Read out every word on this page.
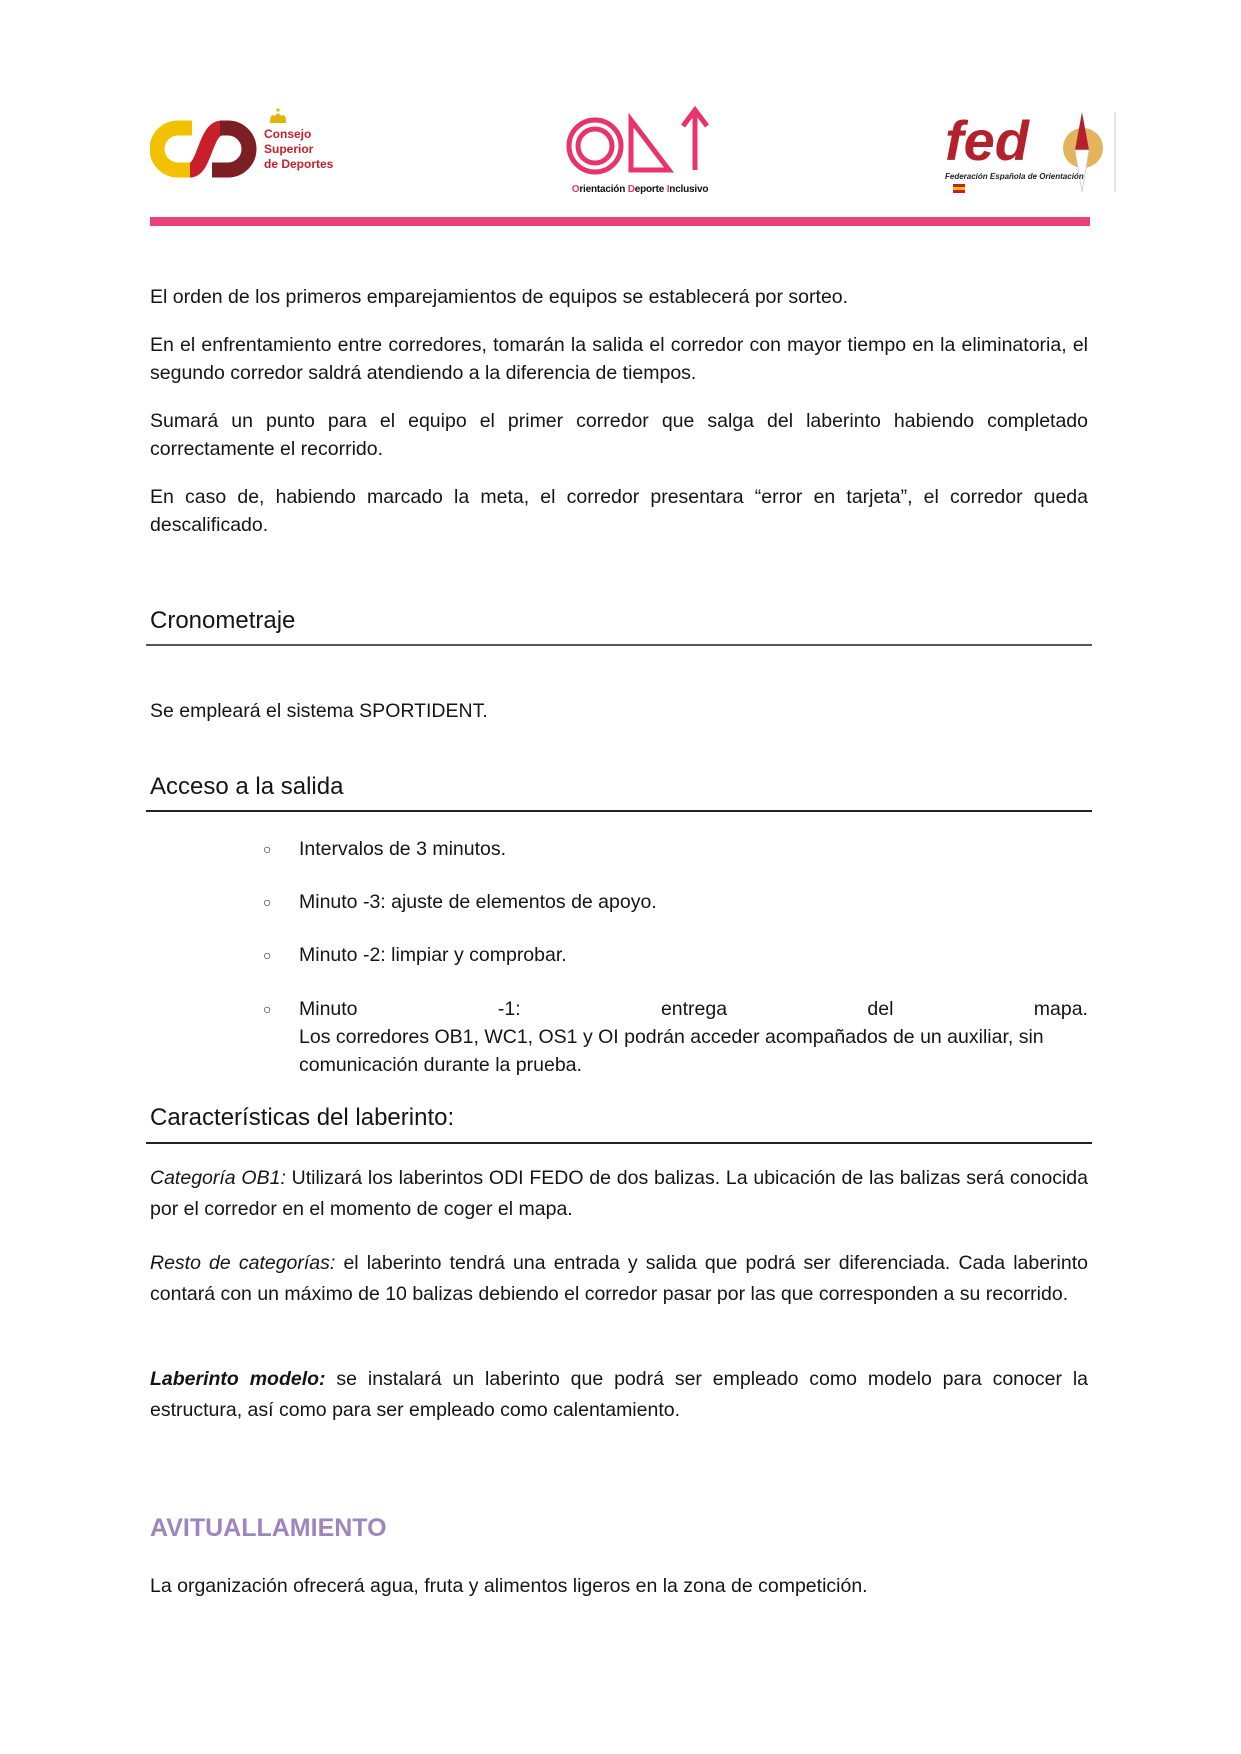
Consejo
Superior
de Deportes
Orientación Deporte Inclusivo
fed
Federación Española de Orientación

El orden de los primeros emparejamientos de equipos se establecerá por sorteo.

En el enfrentamiento entre corredores, tomarán la salida el corredor con mayor tiempo en la eliminatoria, el segundo corredor saldrá atendiendo a la diferencia de tiempos.

Sumará un punto para el equipo el primer corredor que salga del laberinto habiendo completado correctamente el recorrido.

En caso de, habiendo marcado la meta, el corredor presentara “error en tarjeta”, el corredor queda descalificado.

Cronometraje

Se empleará el sistema SPORTIDENT.

Acceso a la salida
○ Intervalos de 3 minutos.

○ Minuto -3: ajuste de elementos de apoyo.

○ Minuto -2: limpiar y comprobar.

○ Minuto	-1:	entrega	del	mapa.
Los corredores OB1, WC1, OS1 y OI podrán acceder acompañados de un auxiliar, sin comunicación durante la prueba.
Características del laberinto:

Categoría OB1: Utilizará los laberintos ODI FEDO de dos balizas. La ubicación de las balizas será conocida por el corredor en el momento de coger el mapa.

Resto de categorías: el laberinto tendrá una entrada y salida que podrá ser diferenciada. Cada laberinto contará con un máximo de 10 balizas debiendo el corredor pasar por las que corresponden a su recorrido.

Laberinto modelo: se instalará un laberinto que podrá ser empleado como modelo para conocer la estructura, así como para ser empleado como calentamiento.

AVITUALLAMIENTO

La organización ofrecerá agua, fruta y alimentos ligeros en la zona de competición.
